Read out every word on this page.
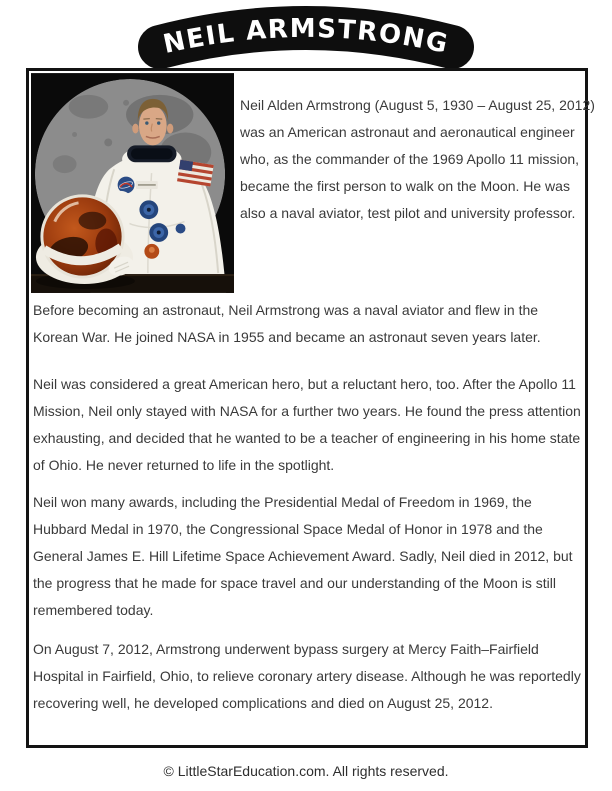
NEIL ARMSTRONG

Neil Alden Armstrong (August 5, 1930 – August 25, 2012) was an American astronaut and aeronautical engineer who, as the commander of the 1969 Apollo 11 mission, became the first person to walk on the Moon. He was also a naval aviator, test pilot and university professor.

Before becoming an astronaut, Neil Armstrong was a naval aviator and flew in the Korean War. He joined NASA in 1955 and became an astronaut seven years later.

Neil was considered a great American hero, but a reluctant hero, too. After the Apollo 11 Mission, Neil only stayed with NASA for a further two years. He found the press attention exhausting, and decided that he wanted to be a teacher of engineering in his home state of Ohio. He never returned to life in the spotlight.

Neil won many awards, including the Presidential Medal of Freedom in 1969, the Hubbard Medal in 1970, the Congressional Space Medal of Honor in 1978 and the General James E. Hill Lifetime Space Achievement Award. Sadly, Neil died in 2012, but the progress that he made for space travel and our understanding of the Moon is still remembered today.

On August 7, 2012, Armstrong underwent bypass surgery at Mercy Faith–Fairfield Hospital in Fairfield, Ohio, to relieve coronary artery disease. Although he was reportedly recovering well, he developed complications and died on August 25, 2012.

© LittleStarEducation.com. All rights reserved.
